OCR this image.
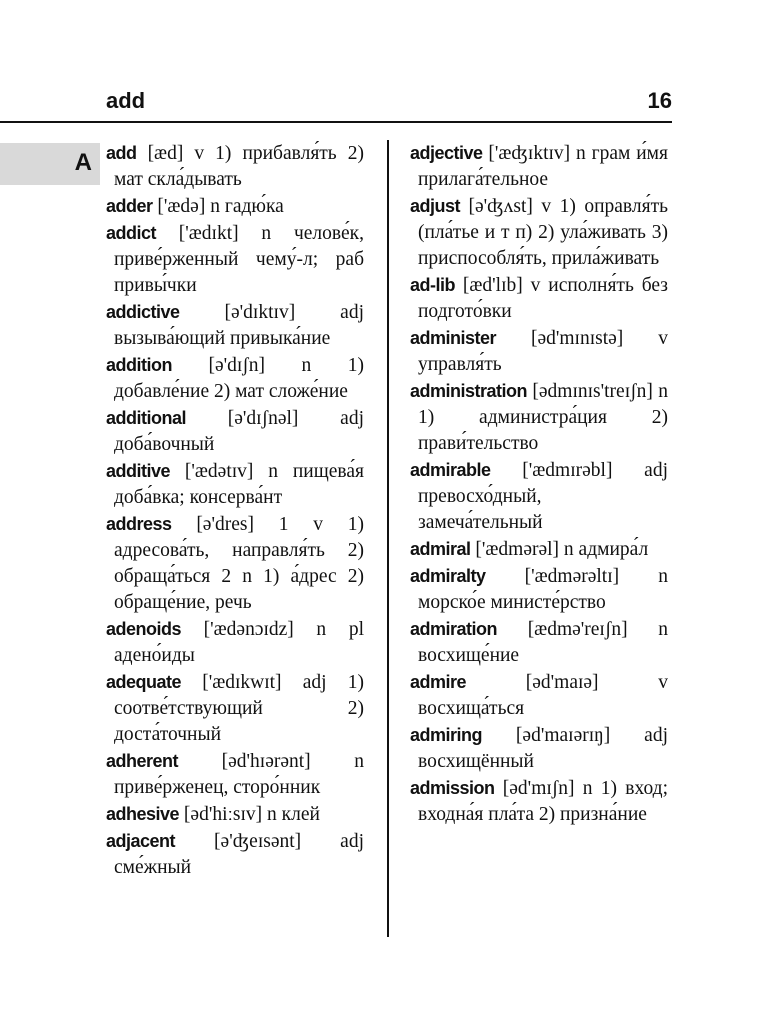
add	16
A add [æd] v 1) прибавля́ть 2) мат скла́дывать

adder ['ædə] n гадю́ка

addict ['ædɪkt] n челове́к, приве́рженный чему́-л; раб привы́чки

addictive [ə'dɪktɪv] adj вызыва́ющий привыка́ние

addition [ə'dɪʃn] n 1) добавле́ние 2) мат сложе́ние

additional [ə'dɪʃnəl] adj доба́вочный

additive ['ædətɪv] n пищева́я доба́вка; консерва́нт

address [ə'dres] 1 v 1) адресова́ть, направля́ть 2) обраща́ться 2 n 1) а́дрес 2) обраще́ние, речь

adenoids ['ædənɔɪdz] n pl адено́иды

adequate ['ædɪkwɪt] adj 1) соотве́тствующий 2) доста́точный

adherent [əd'hɪərənt] n приве́рженец, сторо́нник

adhesive [əd'hiːsɪv] n клей

adjacent [ə'ʤeɪsənt] adj сме́жный

adjective ['æʤɪktɪv] n грам и́мя прилага́тельное

adjust [ə'ʤʌst] v 1) оправля́ть (пла́тье и т п) 2) ула́живать 3) приспособля́ть, прила́живать

ad-lib [æd'lɪb] v исполня́ть без подгото́вки

administer [əd'mɪnɪstə] v управля́ть

administration [ədmɪnɪs'treɪʃn] n 1) администра́ция 2) прави́тельство

admirable ['ædmɪrəbl] adj превосхо́дный, замеча́тельный

admiral ['ædmərəl] n адмира́л

admiralty ['ædmərəltɪ] n морско́е министе́рство

admiration [ædmə'reɪʃn] n восхище́ние

admire [əd'maɪə] v восхища́ться

admiring [əd'maɪərɪŋ] adj восхищённый

admission [əd'mɪʃn] n 1) вход; входна́я пла́та 2) призна́ние
